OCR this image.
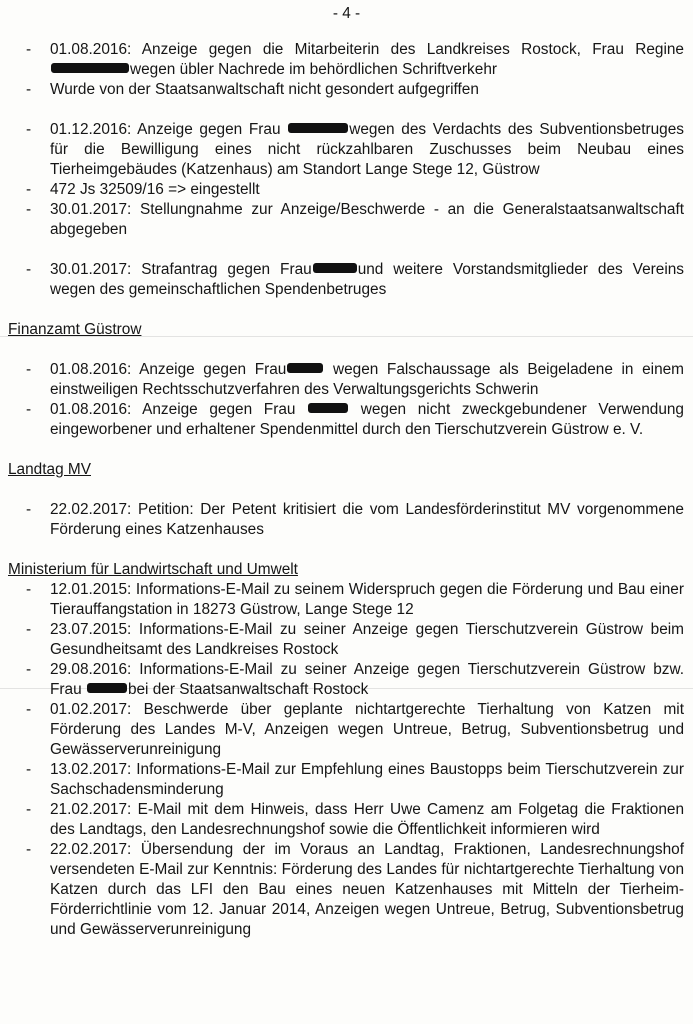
- 4 -
- 01.08.2016: Anzeige gegen die Mitarbeiterin des Landkreises Rostock, Frau Reginewegen übler Nachrede im behördlichen Schriftverkehr
- Wurde von der Staatsanwaltschaft nicht gesondert aufgegriffen
- 01.12.2016: Anzeige gegen Frau	wegen des Verdachts des Subventionsbetruges für die Bewilligung eines nicht rückzahlbaren Zuschusses beim Neubau eines Tierheimgebäudes (Katzenhaus) am Standort Lange Stege 12, Güstrow
- 472 Js 32509/16 => eingestellt
- 30.01.2017: Stellungnahme zur Anzeige/Beschwerde - an die Generalstaatsanwaltschaft abgegeben
- 30.01.2017: Strafantrag gegen Frau	und weitere Vorstandsmitglieder des Vereins wegen des gemeinschaftlichen Spendenbetruges
Finanzamt Güstrow
- 01.08.2016: Anzeige gegen Frau	wegen Falschaussage als Beigeladene in einem einstweiligen Rechtsschutzverfahren des Verwaltungsgerichts Schwerin
- 01.08.2016: Anzeige gegen Frau	wegen nicht zweckgebundener Verwendung eingeworbener und erhaltener Spendenmittel durch den Tierschutzverein Güstrow e. V.
Landtag MV
- 22.02.2017: Petition: Der Petent kritisiert die vom Landesförderinstitut MV vorgenommene Förderung eines Katzenhauses
Ministerium für Landwirtschaft und Umwelt
- 12.01.2015: Informations-E-Mail zu seinem Widerspruch gegen die Förderung und Bau einer Tierauffangstation in 18273 Güstrow, Lange Stege 12
- 23.07.2015: Informations-E-Mail zu seiner Anzeige gegen Tierschutzverein Güstrow beim Gesundheitsamt des Landkreises Rostock
- 29.08.2016: Informations-E-Mail zu seiner Anzeige gegen Tierschutzverein Güstrow bzw. Frau	bei der Staatsanwaltschaft Rostock
- 01.02.2017: Beschwerde über geplante nichtartgerechte Tierhaltung von Katzen mit Förderung des Landes M-V, Anzeigen wegen Untreue, Betrug, Subventionsbetrug und Gewässerverunreinigung
- 13.02.2017: Informations-E-Mail zur Empfehlung eines Baustopps beim Tierschutzverein zur Sachschadensminderung
- 21.02.2017: E-Mail mit dem Hinweis, dass Herr Uwe Camenz am Folgetag die Fraktionen des Landtags, den Landesrechnungshof sowie die Öffentlichkeit informieren wird
- 22.02.2017: Übersendung der im Voraus an Landtag, Fraktionen, Landesrechnungshof versendeten E-Mail zur Kenntnis: Förderung des Landes für nichtartgerechte Tierhaltung von Katzen durch das LFI den Bau eines neuen Katzenhauses mit Mitteln der Tierheim-Förderrichtlinie vom 12. Januar 2014, Anzeigen wegen Untreue, Betrug, Subventionsbetrug und Gewässerverunreinigung
